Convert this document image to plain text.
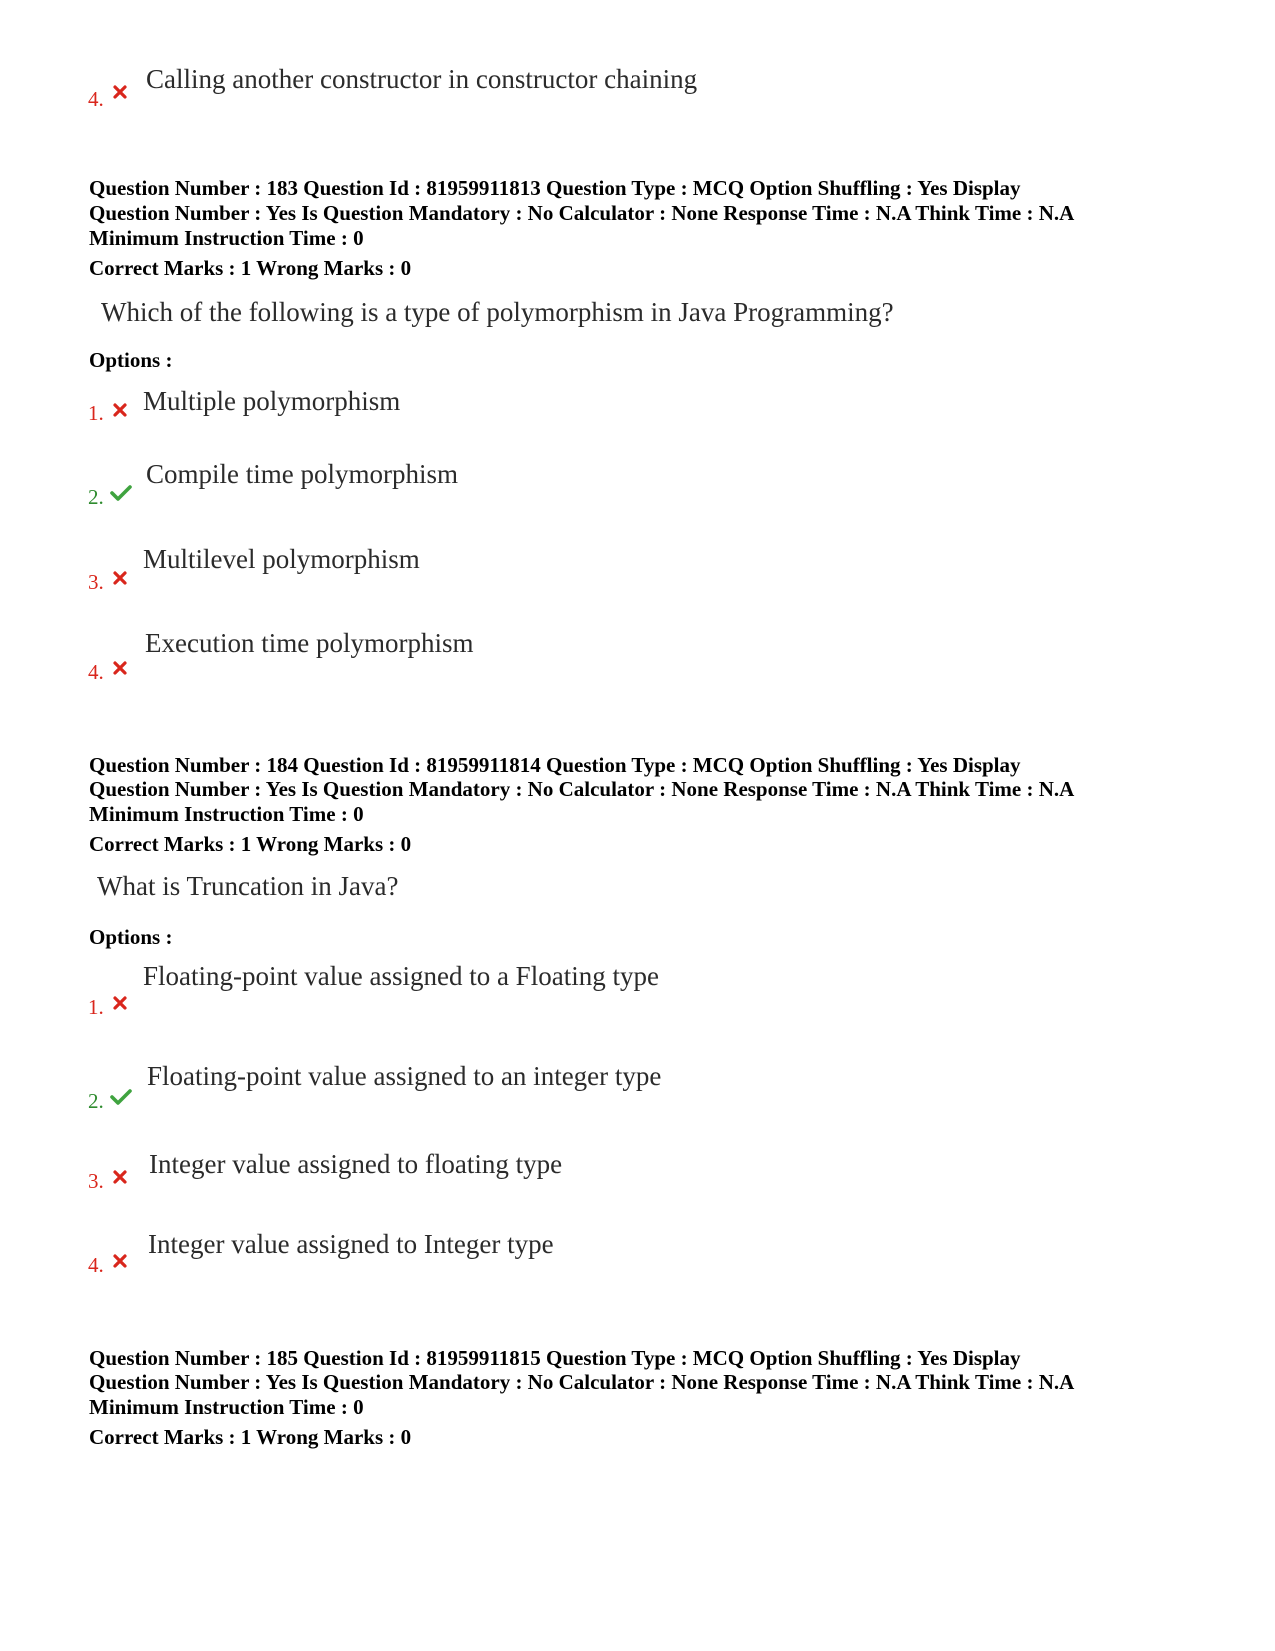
4.
Calling another constructor in constructor chaining
Question Number : 183 Question Id : 81959911813 Question Type : MCQ Option Shuffling : Yes Display
Question Number : Yes Is Question Mandatory : No Calculator : None Response Time : N.A Think Time : N.A
Minimum Instruction Time : 0
Correct Marks : 1 Wrong Marks : 0
Which of the following is a type of polymorphism in Java Programming?
Options :
1. Multiple polymorphism
2.
Compile time polymorphism
3.
Multilevel polymorphism
4.
Execution time polymorphism
Question Number : 184 Question Id : 81959911814 Question Type : MCQ Option Shuffling : Yes Display
Question Number : Yes Is Question Mandatory : No Calculator : None Response Time : N.A Think Time : N.A
Minimum Instruction Time : 0
Correct Marks : 1 Wrong Marks : 0
What is Truncation in Java?
Options :
1.
Floating-point value assigned to a Floating type
2.
Floating-point value assigned to an integer type
3.
Integer value assigned to floating type
4.
Integer value assigned to Integer type
Question Number : 185 Question Id : 81959911815 Question Type : MCQ Option Shuffling : Yes Display
Question Number : Yes Is Question Mandatory : No Calculator : None Response Time : N.A Think Time : N.A
Minimum Instruction Time : 0
Correct Marks : 1 Wrong Marks : 0
